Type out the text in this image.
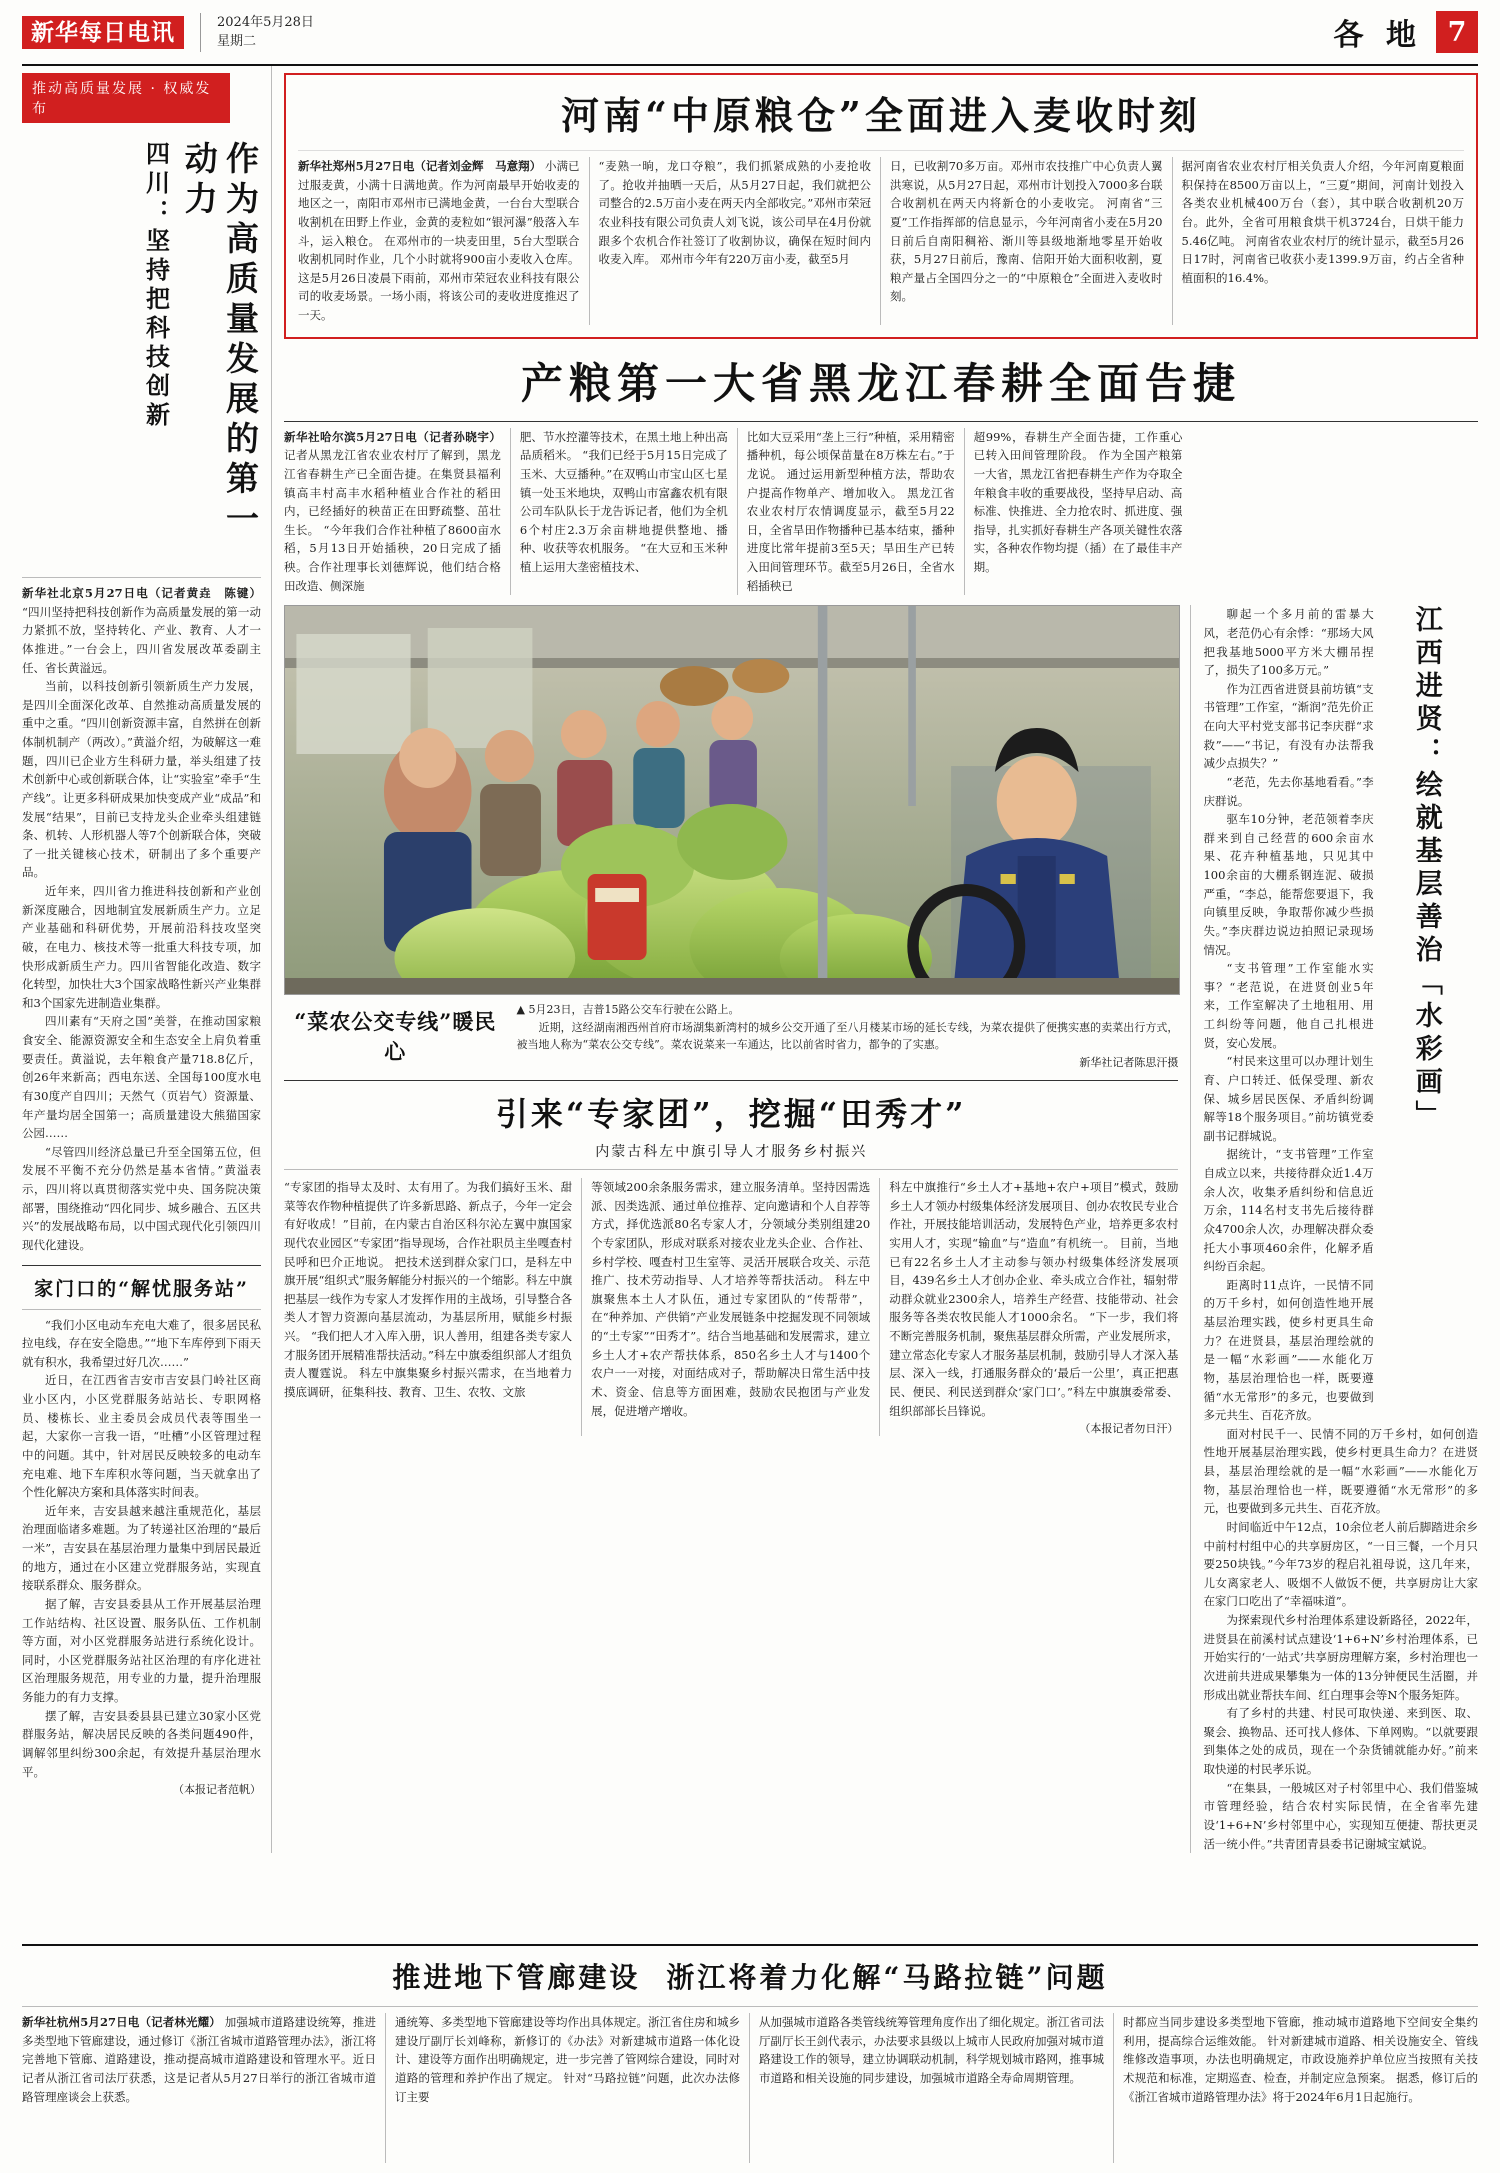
新华每日电讯	2024年5月28日
星期二	各 地 7
推动高质量发展 · 权威发布
四川：坚持把科技创新	作为高质量发展的第一动力
新华社北京5月27日电（记者黄垚　陈键） “四川坚持把科技创新作为高质量发展的第一动力紧抓不放，坚持转化、产业、教育、人才一体推进。”一台会上，四川省发展改革委副主任、省长黄溢远。
当前，以科技创新引领新质生产力发展，是四川全面深化改革、自然推动高质量发展的重中之重。“四川创新资源丰富，自然拼在创新体制机制产（两改）。”黄溢介绍，为破解这一难题，四川已企业方生科研力量，举头组建了技术创新中心或创新联合体，让“实验室”牵手“生产线”。让更多科研成果加快变成产业“成品”和发展“结果”，目前已支持龙头企业牵头组建链条、机转、人形机器人等7个创新联合体，突破了一批关键核心技术，研制出了多个重要产品。
近年来，四川省力推进科技创新和产业创新深度融合，因地制宜发展新质生产力。立足产业基础和科研优势，开展前沿科技攻坚突破，在电力、核技术等一批重大科技专项，加快形成新质生产力。四川省智能化改造、数字化转型，加快壮大3个国家战略性新兴产业集群和3个国家先进制造业集群。
四川素有“天府之国”美誉，在推动国家粮食安全、能源资源安全和生态安全上肩负着重要责任。黄溢说，去年粮食产量718.8亿斤，创26年来新高；西电东送、全国每100度水电有30度产自四川；天然气（页岩气）资源量、年产量均居全国第一；高质量建设大熊猫国家公园……
“尽管四川经济总量已升至全国第五位，但发展不平衡不充分仍然是基本省情。”黄溢表示，四川将以真贯彻落实党中央、国务院决策部署，围绕推动“四化同步、城乡融合、五区共兴”的发展战略布局，以中国式现代化引领四川现代化建设。
家门口的“解忧服务站”
“我们小区电动车充电大难了，很多居民私拉电线，存在安全隐患。”“地下车库停到下雨天就有积水，我希望过好几次……”
近日，在江西省吉安市吉安县门岭社区商业小区内，小区党群服务站站长、专职网格员、楼栋长、业主委员会成员代表等围坐一起，大家你一言我一语，“吐槽”小区管理过程中的问题。其中，针对居民反映较多的电动车充电难、地下车库积水等问题，当天就拿出了个性化解决方案和具体落实时间表。
近年来，吉安县越来越注重规范化，基层治理面临诸多难题。为了转递社区治理的“最后一米”，吉安县在基层治理力量集中到居民最近的地方，通过在小区建立党群服务站，实现直接联系群众、服务群众。
据了解，吉安县委县从工作开展基层治理工作站结构、社区设置、服务队伍、工作机制等方面，对小区党群服务站进行系统化设计。同时，小区党群服务站社区治理的有序化进社区治理服务规范，用专业的力量，提升治理服务能力的有力支撑。
摆了解，吉安县委县县已建立30家小区党群服务站，解决居民反映的各类问题490件，调解邻里纠纷300余起，有效提升基层治理水平。
（本报记者范帆）
河南“中原粮仓”全面进入麦收时刻
新华社郑州5月27日电（记者刘金辉　马意翔） 小满已过服麦黄，小满十日满地黄。作为河南最早开始收麦的地区之一，南阳市邓州市已满地金黄，一台台大型联合收割机在田野上作业，金黄的麦粒如“银河瀑”般落入车斗，运入粮仓。 在邓州市的一块麦田里，5台大型联合收割机同时作业，几个小时就将900亩小麦收入仓库。这是5月26日凌晨下雨前，邓州市荣冠农业科技有限公司的收麦场景。一场小雨，将该公司的麦收进度推迟了一天。
“麦熟一晌，龙口夺粮”，我们抓紧成熟的小麦抢收了。抢收并抽晒一天后，从5月27日起，我们就把公司整合的2.5万亩小麦在两天内全部收完。”邓州市荣冠农业科技有限公司负责人刘飞说，该公司早在4月份就跟多个农机合作社签订了收割协议，确保在短时间内收麦入库。 邓州市今年有220万亩小麦，截至5月
日，已收割70多万亩。邓州市农技推广中心负责人翼洪寒说，从5月27日起，邓州市计划投入7000多台联合收割机在两天内将新仓的小麦收完。 河南省“三夏”工作指挥部的信息显示，今年河南省小麦在5月20日前后自南阳稠裕、渐川等县级地渐地零星开始收获，5月27日前后，豫南、信阳开始大面积收割，夏粮产量占全国四分之一的“中原粮仓”全面进入麦收时刻。
据河南省农业农村厅相关负责人介绍，今年河南夏粮面积保持在8500万亩以上，“三夏”期间，河南计划投入各类农业机械400万台（套），其中联合收割机20万台。此外，全省可用粮食烘干机3724台，日烘干能力5.46亿吨。 河南省农业农村厅的统计显示，截至5月26日17时，河南省已收获小麦1399.9万亩，约占全省种植面积的16.4%。
产粮第一大省黑龙江春耕全面告捷
新华社哈尔滨5月27日电（记者孙晓宇） 记者从黑龙江省农业农村厅了解到，黑龙江省春耕生产已全面告捷。在集贤县福利镇高丰村高丰水稻种植业合作社的稻田内，已经插好的秧苗正在田野疏整、茁壮生长。 “今年我们合作社种植了8600亩水稻，5月13日开始插秧，20日完成了插秧。合作社理事长刘德辉说，他们结合格田改造、侧深施
肥、节水控灌等技术，在黑土地上种出高品质稻米。 “我们已经于5月15日完成了玉米、大豆播种。”在双鸭山市宝山区七星镇一处玉米地块，双鸭山市富鑫农机有限公司车队队长于龙告诉记者，他们为全机6个村庄2.3万余亩耕地提供整地、播种、收获等农机服务。 “在大豆和玉米种植上运用大垄密植技术、
比如大豆采用“垄上三行”种植，采用精密播种机，每公顷保苗量在8万株左右。”于龙说。 通过运用新型种植方法，帮助农户提高作物单产、增加收入。 黑龙江省农业农村厅农情调度显示，截至5月22日，全省旱田作物播种已基本结束，播种进度比常年提前3至5天；旱田生产已转入田间管理环节。截至5月26日，全省水稻插秧已
超99%，春耕生产全面告捷，工作重心已转入田间管理阶段。 作为全国产粮第一大省，黑龙江省把春耕生产作为夺取全年粮食丰收的重要战役，坚持早启动、高标准、快推进、全力抢农时、抓进度、强指导，扎实抓好春耕生产各项关键性农落实，各种农作物均提（插）在了最佳丰产期。
“菜农公交专线”暖民心
▲ 5月23日，吉普15路公交车行驶在公路上。
近期，这经湖南湘西州首府市场湖集新湾村的城乡公交开通了至八月楼某市场的延长专线，为菜农提供了便携实惠的卖菜出行方式，被当地人称为“菜农公交专线”。菜农说菜来一车通达，比以前省时省力，都争的了实惠。
新华社记者陈思汗摄
引来“专家团”，挖掘“田秀才”
内蒙古科左中旗引导人才服务乡村振兴
“专家团的指导太及时、太有用了。为我们搞好玉米、甜菜等农作物种植提供了许多新思路、新点子，今年一定会有好收成！”目前，在内蒙古自治区科尔沁左翼中旗国家现代农业园区“专家团”指导现场，合作社职员主坐嘎查村民呼和巴介正地说。 把技术送到群众家门口，是科左中旗开展“组织式”服务解能分村振兴的一个缩影。科左中旗把基层一线作为专家人才发挥作用的主战场，引导整合各类人才智力资源向基层流动，为基层所用，赋能乡村振兴。 “我们把人才入库入册，识人善用，组建各类专家人才服务团开展精准帮扶活动。”科左中旗委组织部人才组负责人覆霆说。 科左中旗集聚乡村振兴需求，在当地着力摸底调研，征集科技、教育、卫生、农牧、文旅
等领域200余条服务需求，建立服务清单。坚持因需选派、因类选派、通过单位推荐、定向邀请和个人自荐等方式，择优选派80名专家人才，分领域分类别组建20个专家团队，形成对联系对接农业龙头企业、合作社、乡村学校、嘎查村卫生室等、灵活开展联合攻关、示范推广、技术劳动指导、人才培养等帮扶活动。 科左中旗聚焦本土人才队伍，通过专家团队的“传帮带”，在“种养加、产供销”产业发展链条中挖掘发现不同领域的“土专家”“田秀才”。结合当地基础和发展需求，建立乡土人才+农产帮扶体系，850名乡土人才与1400个农户一一对接，对面结成对子，帮助解决日常生活中技术、资金、信息等方面困难，鼓励农民抱团与产业发展，促进增产增收。
科左中旗推行“乡土人才+基地+农户+项目”模式，鼓励乡土人才领办村级集体经济发展项目、创办农牧民专业合作社，开展技能培训活动，发展特色产业，培养更多农村实用人才，实现“输血”与“造血”有机统一。 目前，当地已有22名乡土人才主动参与领办村级集体经济发展项目，439名乡土人才创办企业、牵头成立合作社，辐射带动群众就业2300余人，培养生产经营、技能带动、社会服务等各类农牧民能人才1000余名。 “下一步，我们将不断完善服务机制，聚焦基层群众所需，产业发展所求，建立常态化专家人才服务基层机制，鼓励引导人才深入基层、深入一线，打通服务群众的‘最后一公里’，真正把惠民、便民、利民送到群众‘家门口’。”科左中旗旗委常委、组织部部长吕锋说。
（本报记者勿日汗）
聊起一个多月前的雷暴大风，老范仍心有余悸：“那场大风把我基地5000平方米大棚吊捏了，损失了100多万元。”
作为江西省进贤县前坊镇“支书管理”工作室，“渐润”范先价正在向大平村党支部书记李庆群“求救”——“书记，有没有办法帮我减少点损失？”
“老范，先去你基地看看。”李庆群说。
驱车10分钟，老范领着李庆群来到自己经营的600余亩水果、花卉种植基地，只见其中100余亩的大棚系钢连泥、破损严重，“李总，能帮您要退下，我向镇里反映，争取帮你减少些损失。”李庆群边说边拍照记录现场情况。
“支书管理”工作室能水实事？“老范说，在进贤创业5年来，工作室解决了土地租用、用工纠纷等问题，他自己扎根进贤，安心发展。
“村民来这里可以办理计划生育、户口转迁、低保受理、新农保、城乡居民医保、矛盾纠纷调解等18个服务项目。”前坊镇党委副书记群城说。
据统计，“支书管理”工作室自成立以来，共接待群众近1.4万余人次，收集矛盾纠纷和信息近万余，114名村支书先后接待群众4700余人次，办理解决群众委托大小事项460余件，化解矛盾纠纷百余起。
距离时11点许，一民情不同的万千乡村，如何创造性地开展基层治理实践，使乡村更具生命力？在进贤县，基层治理绘就的是一幅“水彩画”——水能化万物，基层治理恰也一样，既要遵循“水无常形”的多元，也要做到多元共生、百花齐放。
江西进贤：绘就基层善治「水彩画」
面对村民千一、民情不同的万千乡村，如何创造性地开展基层治理实践，使乡村更具生命力？在进贤县，基层治理绘就的是一幅“水彩画”——水能化万物，基层治理恰也一样，既要遵循“水无常形”的多元，也要做到多元共生、百花齐放。
时间临近中午12点，10余位老人前后脚踏进余乡中前村村组中心的共享厨房区，“一日三餐，一个月只要250块钱。”今年73岁的程启礼祖母说，这几年来，儿女离家老人、吸烟不人做饭不便，共享厨房让大家在家门口吃出了“幸福味道”。
为探索现代乡村治理体系建设新路径，2022年，进贤县在前溪村试点建设‘1+6+N’乡村治理体系，已开始实行的‘一站式’共享厨房理解方案，乡村治理也一次进前共进成果攀集为一体的13分钟便民生活圈，并形成出就业帮扶车间、红白理事会等N个服务矩阵。
有了乡村的共建、村民可取快递、来到医、取、聚会、换物品、还可找人修体、下单网购。“以就要跟到集体之处的成员，现在一个杂货铺就能办好。”前来取快递的村民孝乐说。
“在集县，一般城区对子村邻里中心、我们借鉴城市管理经验，结合农村实际民情，在全省率先建设‘1+6+N’乡村邻里中心，实现知互便捷、帮扶更灵活一统小件。”共青团青县委书记谢城宝斌说。
推进地下管廊建设 浙江将着力化解“马路拉链”问题
新华社杭州5月27日电（记者林光耀） 加强城市道路建设统筹，推进多类型地下管廊建设，通过修订《浙江省城市道路管理办法》，浙江将完善地下管廊、道路建设，推动提高城市道路建设和管理水平。近日记者从浙江省司法厅获悉，这是记者从5月27日举行的浙江省城市道路管理座谈会上获悉。
通统筹、多类型地下管廊建设等均作出具体规定。浙江省住房和城乡建设厅副厅长刘峰称，新修订的《办法》对新建城市道路一体化设计、建设等方面作出明确规定，进一步完善了管网综合建设，同时对道路的管理和养护作出了规定。 针对“马路拉链”问题，此次办法修订主要
从加强城市道路各类管线统筹管理角度作出了细化规定。浙江省司法厅副厅长王剑代表示，办法要求县级以上城市人民政府加强对城市道路建设工作的领导，建立协调联动机制，科学规划城市路网，推事城市道路和相关设施的同步建设，加强城市道路全寿命周期管理。
时都应当同步建设多类型地下管廊，推动城市道路地下空间安全集约利用，提高综合运维效能。 针对新建城市道路、相关设施安全、管线维修改造事项，办法也明确规定，市政设施养护单位应当按照有关技术规范和标准，定期巡查、检查，并制定应急预案。 据悉，修订后的《浙江省城市道路管理办法》将于2024年6月1日起施行。
